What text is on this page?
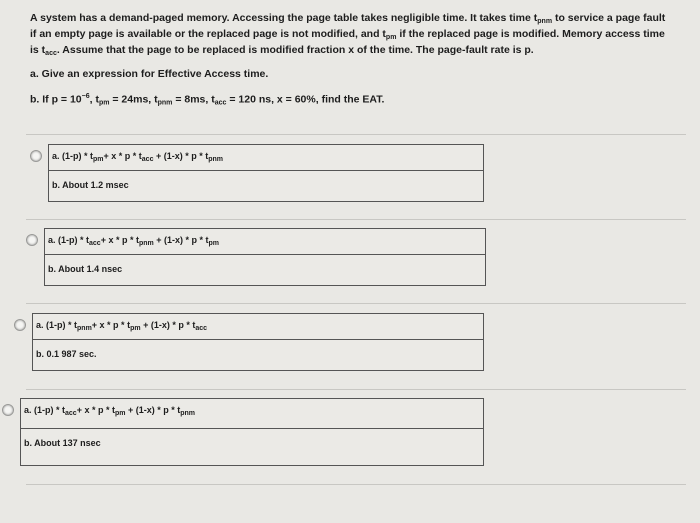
A system has a demand-paged memory. Accessing the page table takes negligible time. It takes time $t_{pnm}$ to service a page fault

if an empty page is available or the replaced page is not modified, and $t_{pm}$ if the replaced page is modified. Memory access time

is $t_{acc}$. Assume that the page to be replaced is modified fraction x of the time. The page-fault rate is p.

a. Give an expression for Effective Access time.

b. If $p = 10^{-6}$, $t_{pm} = 24ms$, $t_{pnm} = 8ms$, $t_{acc} = 120$ ns, x = 60%, find the EAT.

a. $(1-p) * t_{pm}+ x * p * t_{acc} + (1-x) * p * t_{pnm}$
b. About 1.2 msec
a. $(1-p) * t_{acc}+ x * p * t_{pnm} + (1-x) * p * t_{pm}$
b. About 1.4 nsec
a. $(1-p) * t_{pnm}+ x * p * t_{pm} + (1-x) * p * t_{acc}$
b. 0.1 987 sec.
a. $(1-p) * t_{acc}+ x * p * t_{pm} + (1-x) * p * t_{pnm}$
b. About 137 nsec
